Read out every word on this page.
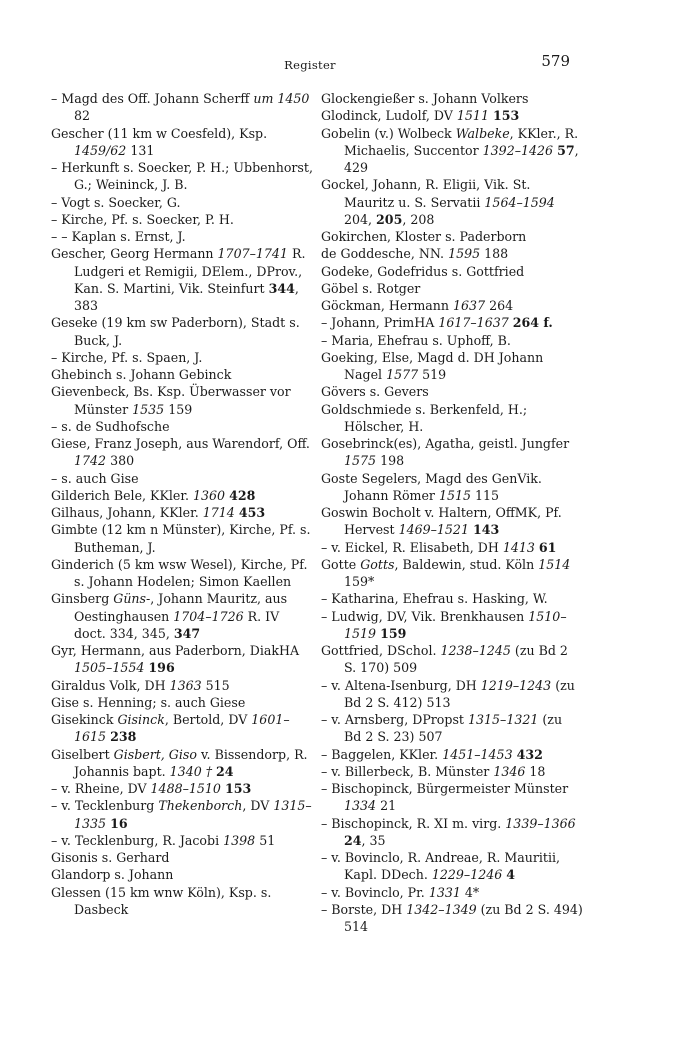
Register	579
– Magd des Off. Johann Scherff um 1450 82
Gescher (11 km w Coesfeld), Ksp. 1459/62 131
– Herkunft s. Soecker, P. H.; Ubbenhorst, G.; Weininck, J. B.
– Vogt s. Soecker, G.
– Kirche, Pf. s. Soecker, P. H.
– – Kaplan s. Ernst, J.
Gescher, Georg Hermann 1707–1741 R. Ludgeri et Remigii, DElem., DProv., Kan. S. Martini, Vik. Steinfurt 344, 383
Geseke (19 km sw Paderborn), Stadt s. Buck, J.
– Kirche, Pf. s. Spaen, J.
Ghebinch s. Johann Gebinck
Gievenbeck, Bs. Ksp. Überwasser vor Münster 1535 159
– s. de Sudhofsche
Giese, Franz Joseph, aus Warendorf, Off. 1742 380
– s. auch Gise
Gilderich Bele, KKler. 1360 428
Gilhaus, Johann, KKler. 1714 453
Gimbte (12 km n Münster), Kirche, Pf. s. Butheman, J.
Ginderich (5 km wsw Wesel), Kirche, Pf. s. Johann Hodelen; Simon Kaellen
Ginsberg Güns-, Johann Mauritz, aus Oestinghausen 1704–1726 R. IV doct. 334, 345, 347
Gyr, Hermann, aus Paderborn, DiakHA 1505–1554 196
Giraldus Volk, DH 1363 515
Gise s. Henning; s. auch Giese
Gisekinck Gisinck, Bertold, DV 1601–1615 238
Giselbert Gisbert, Giso v. Bissendorp, R. Johannis bapt. 1340 † 24
– v. Rheine, DV 1488–1510 153
– v. Tecklenburg Thekenborch, DV 1315–1335 16
– v. Tecklenburg, R. Jacobi 1398 51
Gisonis s. Gerhard
Glandorp s. Johann
Glessen (15 km wnw Köln), Ksp. s. Dasbeck
Glockengießer s. Johann Volkers
Glodinck, Ludolf, DV 1511 153
Gobelin (v.) Wolbeck Walbeke, KKler., R. Michaelis, Succentor 1392–1426 57, 429
Gockel, Johann, R. Eligii, Vik. St. Mauritz u. S. Servatii 1564–1594 204, 205, 208
Gokirchen, Kloster s. Paderborn
de Goddesche, NN. 1595 188
Godeke, Godefridus s. Gottfried
Göbel s. Rotger
Göckman, Hermann 1637 264
– Johann, PrimHA 1617–1637 264 f.
– Maria, Ehefrau s. Uphoff, B.
Goeking, Else, Magd d. DH Johann Nagel 1577 519
Gövers s. Gevers
Goldschmiede s. Berkenfeld, H.; Hölscher, H.
Gosebrinck(es), Agatha, geistl. Jungfer 1575 198
Goste Segelers, Magd des GenVik. Johann Römer 1515 115
Goswin Bocholt v. Haltern, OffMK, Pf. Hervest 1469–1521 143
– v. Eickel, R. Elisabeth, DH 1413 61
Gotte Gotts, Baldewin, stud. Köln 1514 159*
– Katharina, Ehefrau s. Hasking, W.
– Ludwig, DV, Vik. Brenkhausen 1510–1519 159
Gottfried, DSchol. 1238–1245 (zu Bd 2 S. 170) 509
– v. Altena-Isenburg, DH 1219–1243 (zu Bd 2 S. 412) 513
– v. Arnsberg, DPropst 1315–1321 (zu Bd 2 S. 23) 507
– Baggelen, KKler. 1451–1453 432
– v. Billerbeck, B. Münster 1346 18
– Bischopinck, Bürgermeister Münster 1334 21
– Bischopinck, R. XI m. virg. 1339–1366 24, 35
– v. Bovinclo, R. Andreae, R. Mauritii, Kapl. DDech. 1229–1246 4
– v. Bovinclo, Pr. 1331 4*
– Borste, DH 1342–1349 (zu Bd 2 S. 494) 514
